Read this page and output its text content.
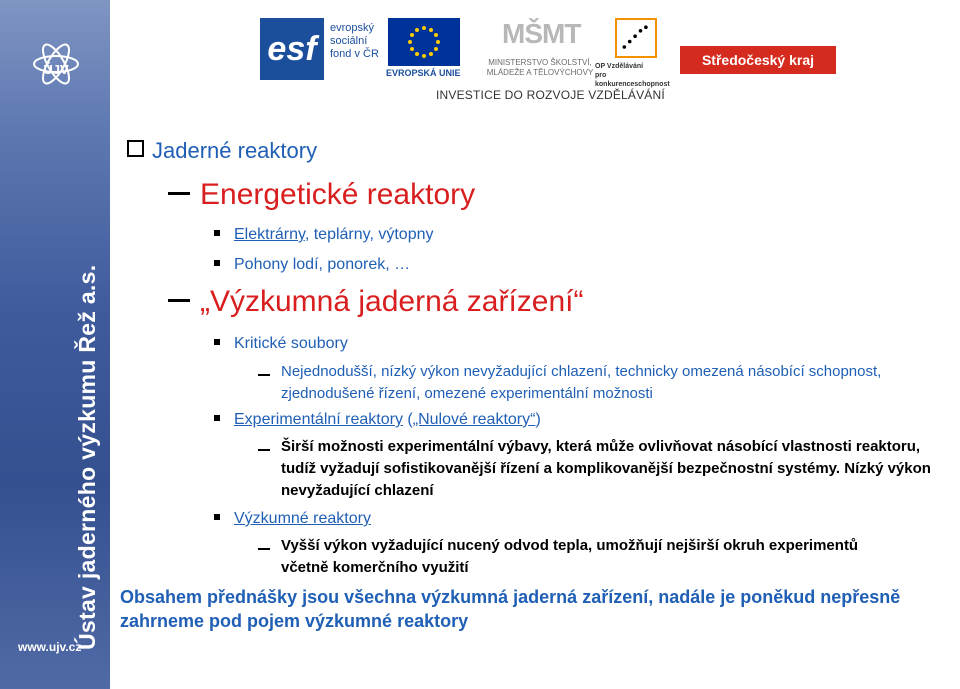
ÚJV
Ústav jaderného výzkumu Řež a.s.
www.ujv.cz
esf
evropský
sociální
fond v ČR
EVROPSKÁ UNIE
MŠMT
MINISTERSTVO ŠKOLSTVÍ,
MLÁDEŽE A TĚLOVÝCHOVY
OP Vzdělávání
pro konkurenceschopnost
Středočeský kraj
INVESTICE DO ROZVOJE VZDĚLÁVÁNÍ
Jaderné reaktory
Energetické reaktory
Elektrárny, teplárny, výtopny
Pohony lodí, ponorek, …
„Výzkumná jaderná zařízení“
Kritické soubory
Nejednodušší, nízký výkon nevyžadující chlazení, technicky omezená násobící schopnost, zjednodušené řízení, omezené experimentální možnosti
Experimentální reaktory („Nulové reaktory“)
Širší možnosti experimentální výbavy, která může ovlivňovat násobící vlastnosti reaktoru, tudíž vyžadují sofistikovanější řízení a komplikovanější bezpečnostní systémy. Nízký výkon nevyžadující chlazení
Výzkumné reaktory
Vyšší výkon vyžadující nucený odvod tepla, umožňují nejširší okruh experimentů včetně komerčního využití
Obsahem přednášky jsou všechna výzkumná jaderná zařízení, nadále je poněkud nepřesně zahrneme pod pojem výzkumné reaktory
